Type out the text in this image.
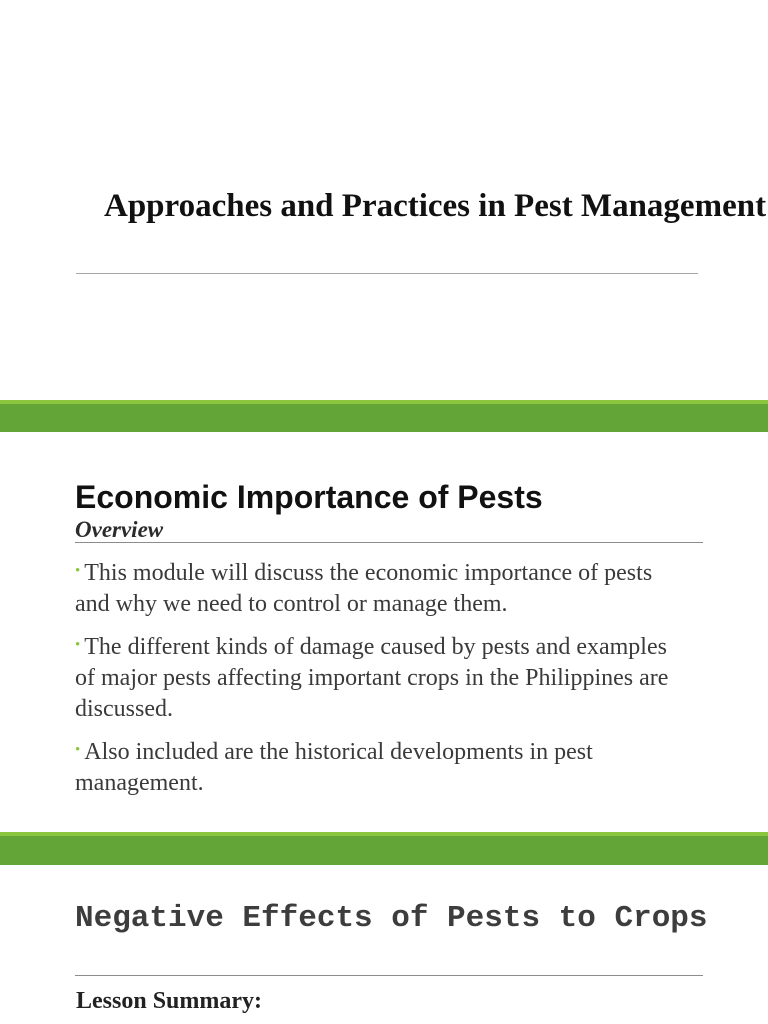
Approaches and Practices in Pest Management
Economic Importance of Pests
Overview
• This module will discuss the economic importance of pests and why we need to control or manage them.
• The different kinds of damage caused by pests and examples of major pests affecting important crops in the Philippines are discussed.
• Also included are the historical developments in pest management.
Negative Effects of Pests to Crops
Lesson Summary:
